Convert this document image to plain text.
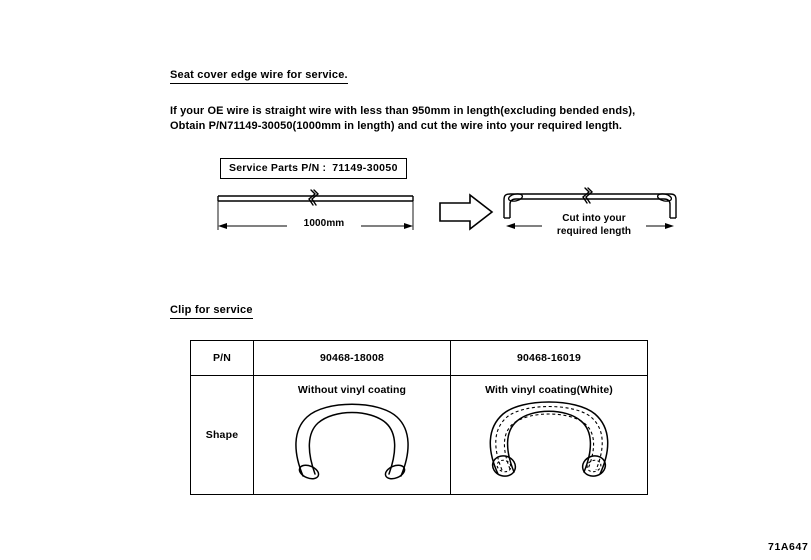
Seat cover edge wire for service.
If your OE wire is straight wire with less than 950mm in length(excluding bended ends),
Obtain P/N71149-30050(1000mm in length) and cut the wire into your required length.
Service Parts P/N : 71149-30050
1000mm	Cut into your
required length
Clip for service
P/N	90468-18008	90468-16019
Shape	Without vinyl coating	With vinyl coating(White)
71A647
